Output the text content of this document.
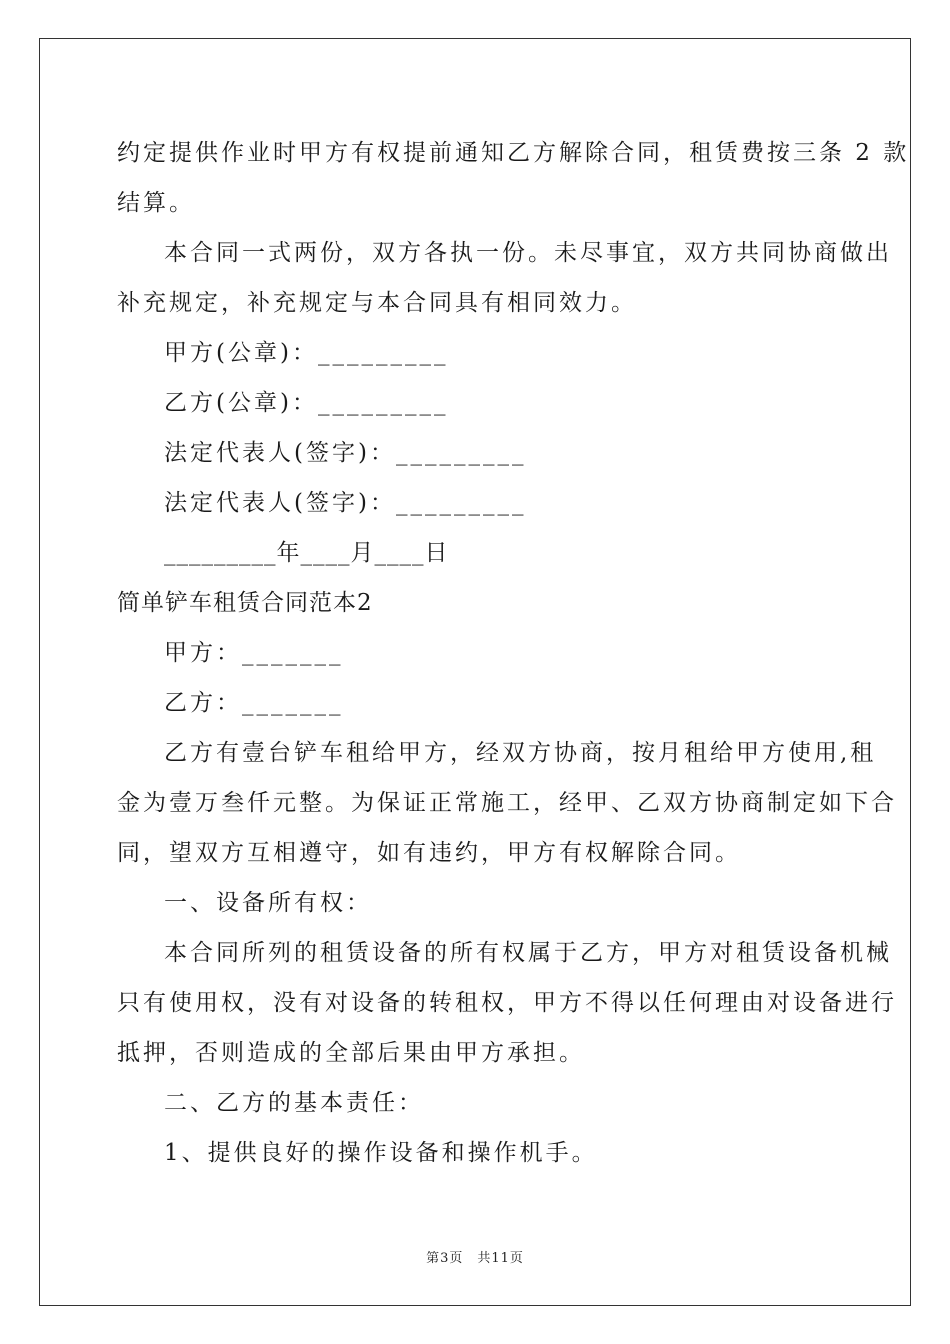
约定提供作业时甲方有权提前通知乙方解除合同，租赁费按三条 2 款
结算。
本合同一式两份，双方各执一份。未尽事宜，双方共同协商做出
补充规定，补充规定与本合同具有相同效力。
甲方(公章)：_________
乙方(公章)：_________
法定代表人(签字)：_________
法定代表人(签字)：_________
_________年____月____日
简单铲车租赁合同范本2
甲方：_______
乙方：_______
乙方有壹台铲车租给甲方，经双方协商，按月租给甲方使用,租
金为壹万叁仟元整。为保证正常施工，经甲、乙双方协商制定如下合
同，望双方互相遵守，如有违约，甲方有权解除合同。
一、设备所有权：
本合同所列的租赁设备的所有权属于乙方，甲方对租赁设备机械
只有使用权，没有对设备的转租权，甲方不得以任何理由对设备进行
抵押，否则造成的全部后果由甲方承担。
二、乙方的基本责任：
1、提供良好的操作设备和操作机手。
第3页　共11页
